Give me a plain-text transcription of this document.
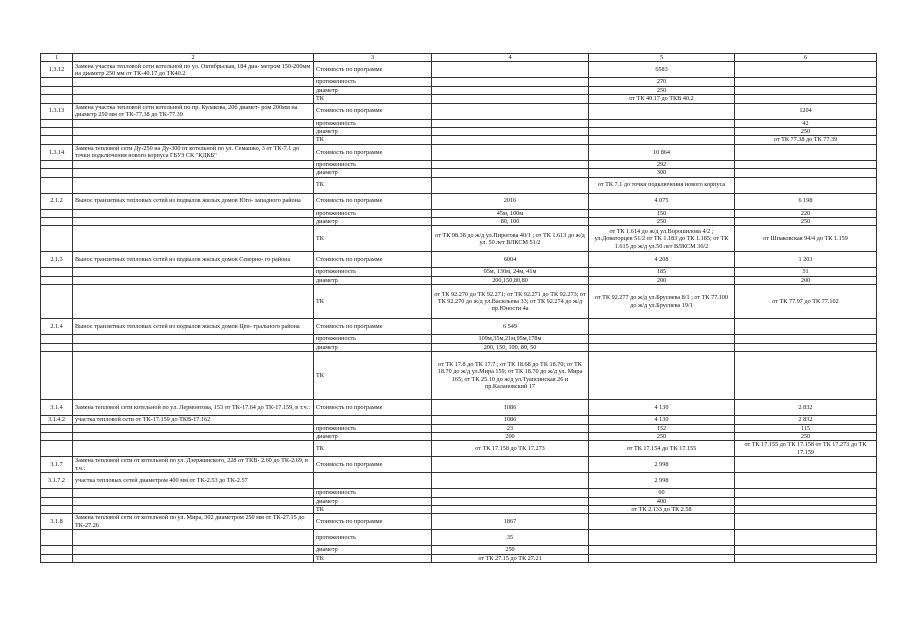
1	2	3	4	5	6
1.3.12	Замена участка тепловой сети котельной по ул. Октябрьская, 184 диа- метром 150-200мм на диаметр 250 мм от ТК-40.17 до ТК40.2	Стоимость по программе		6583	
		протяженность		270	
		диаметр		250	
		ТК		от ТК 40.17 до ТКВ 40.2	
1.3.13	Замена участка тепловой сети котельной по пр. Кулакова, 20б диамет- ром 200мм на диаметр 250 мм от ТК-77.38 до ТК-77.39	Стоимость по программе			1204
		протяженность			42
		диаметр			250
		ТК			от ТК 77.38 до ТК 77.39
1.3.14	Замена тепловой сети Ду-250 на Ду-300 от котельной по ул. Семашко, 3 от ТК-7.1 до точки подключения нового корпуса ГБУЗ СК "КДКБ"	Стоимость по программе		10 864	
		протяженность		292	
		диаметр		300	
		ТК		от ТК 7.1 до точки подключения нового корпуса	
2.1.2	Вынос транзитных тепловых сетей из подвалов жилых домов Юго- западного района	Стоимость по программе	2016	4 075	6 198
		протяженность	45м, 100м	150	220
		диаметр	80, 100	250	250
		ТК	от ТК 98.38 до ж/д ул.Пирогова 40/1 ; от ТК 1.613 до ж/д ул. 50 лет ВЛКСМ 51/2	от ТК 1.614 до ж/д ул.Ворошилова 4/2 ; ул.Доваторцев 51/2 от ТК 1.183 до ТК 1.185; от ТК 1.615 до ж/д ул.50 лет ВЛКСМ 36/2	от Шпаковская 94/4 до ТК 1.159
2.1.3	Вынос транзитных тепловых сетей из подвалов жилых домов Северно- го района	Стоимость по программе	6004	4 208	1 203
		протяженность	95м, 130м, 24м, 41м	185	51
		диаметр	200,150,80,80	200	200
		ТК	от ТК 92.270 до ТК 92.271; от ТК 92.271 до ТК 92.273; от ТК 92.270 до ж/д ул.Васильева 33; от ТК 92.274 до ж/д пр.Юности 4а	от ТК 92.277 до ж/д ул.Бруснева 8/1 ; от ТК 77.100 до ж/д ул.Бруснева 19/1	от ТК 77.97 до ТК 77.102
2.1.4	Вынос транзитных тепловых сетей из подвалов жилых домов Цен- трального района	Стоимость по программе	6 549		
		протяженность	109м,35м,21м,95м,178м		
		диаметр	200, 150, 100, 80, 50		
		ТК	от ТК 17.8 до ТК 17.7 ; от ТК 18.68 до ТК 18.70; от ТК 18.70 до ж/д ул.Мира 159; от ТК 18.70 до ж/д ул. Мира 165; от ТК 25.10 до ж/д ул.Туапсинская 26 и пр.Калановский 17		
3.1.4	Замена тепловой сети котельной по ул. Лермонтова, 153 от ТК-17.64 до ТК-17.159, в т.ч.:	Стоимость по программе	1086	4 130	2 832
3.1.4.2	участка тепловой сети от ТК-17.159 до ТКВ-17.162		1086	4 130	2 832
		протяженность	23	152	115
		диаметр	200	250	250
		ТК	от ТК 17.158 до ТК 17.273	от ТК 17.154 до ТК 17.155	от ТК 17.155 до ТК 17.158 от ТК 17.273 до ТК 17.159
3.1.7	Замена тепловой сети от котельной по ул. Дзержинского, 228 от ТКВ- 2.60 до ТК-2.69, в т.ч.:	Стоимость по программе		2 998	
3.1.7.2	участка тепловых сетей диаметром 400 мм от ТК-2.53 до ТК-2.57			2 998	
		протяженность		60	
		диаметр		400	
		ТК		от ТК 2.133 до ТК 2.58	
3.1.8	Замена тепловой сети от котельной по ул. Мира, 302 диаметром 250 мм от ТК-27.15 до ТК-27.26	Стоимость по программе	1867		
		протяженность	35		
		диаметр	250		
		ТК	от ТК 27.15 до ТК 27.21		
